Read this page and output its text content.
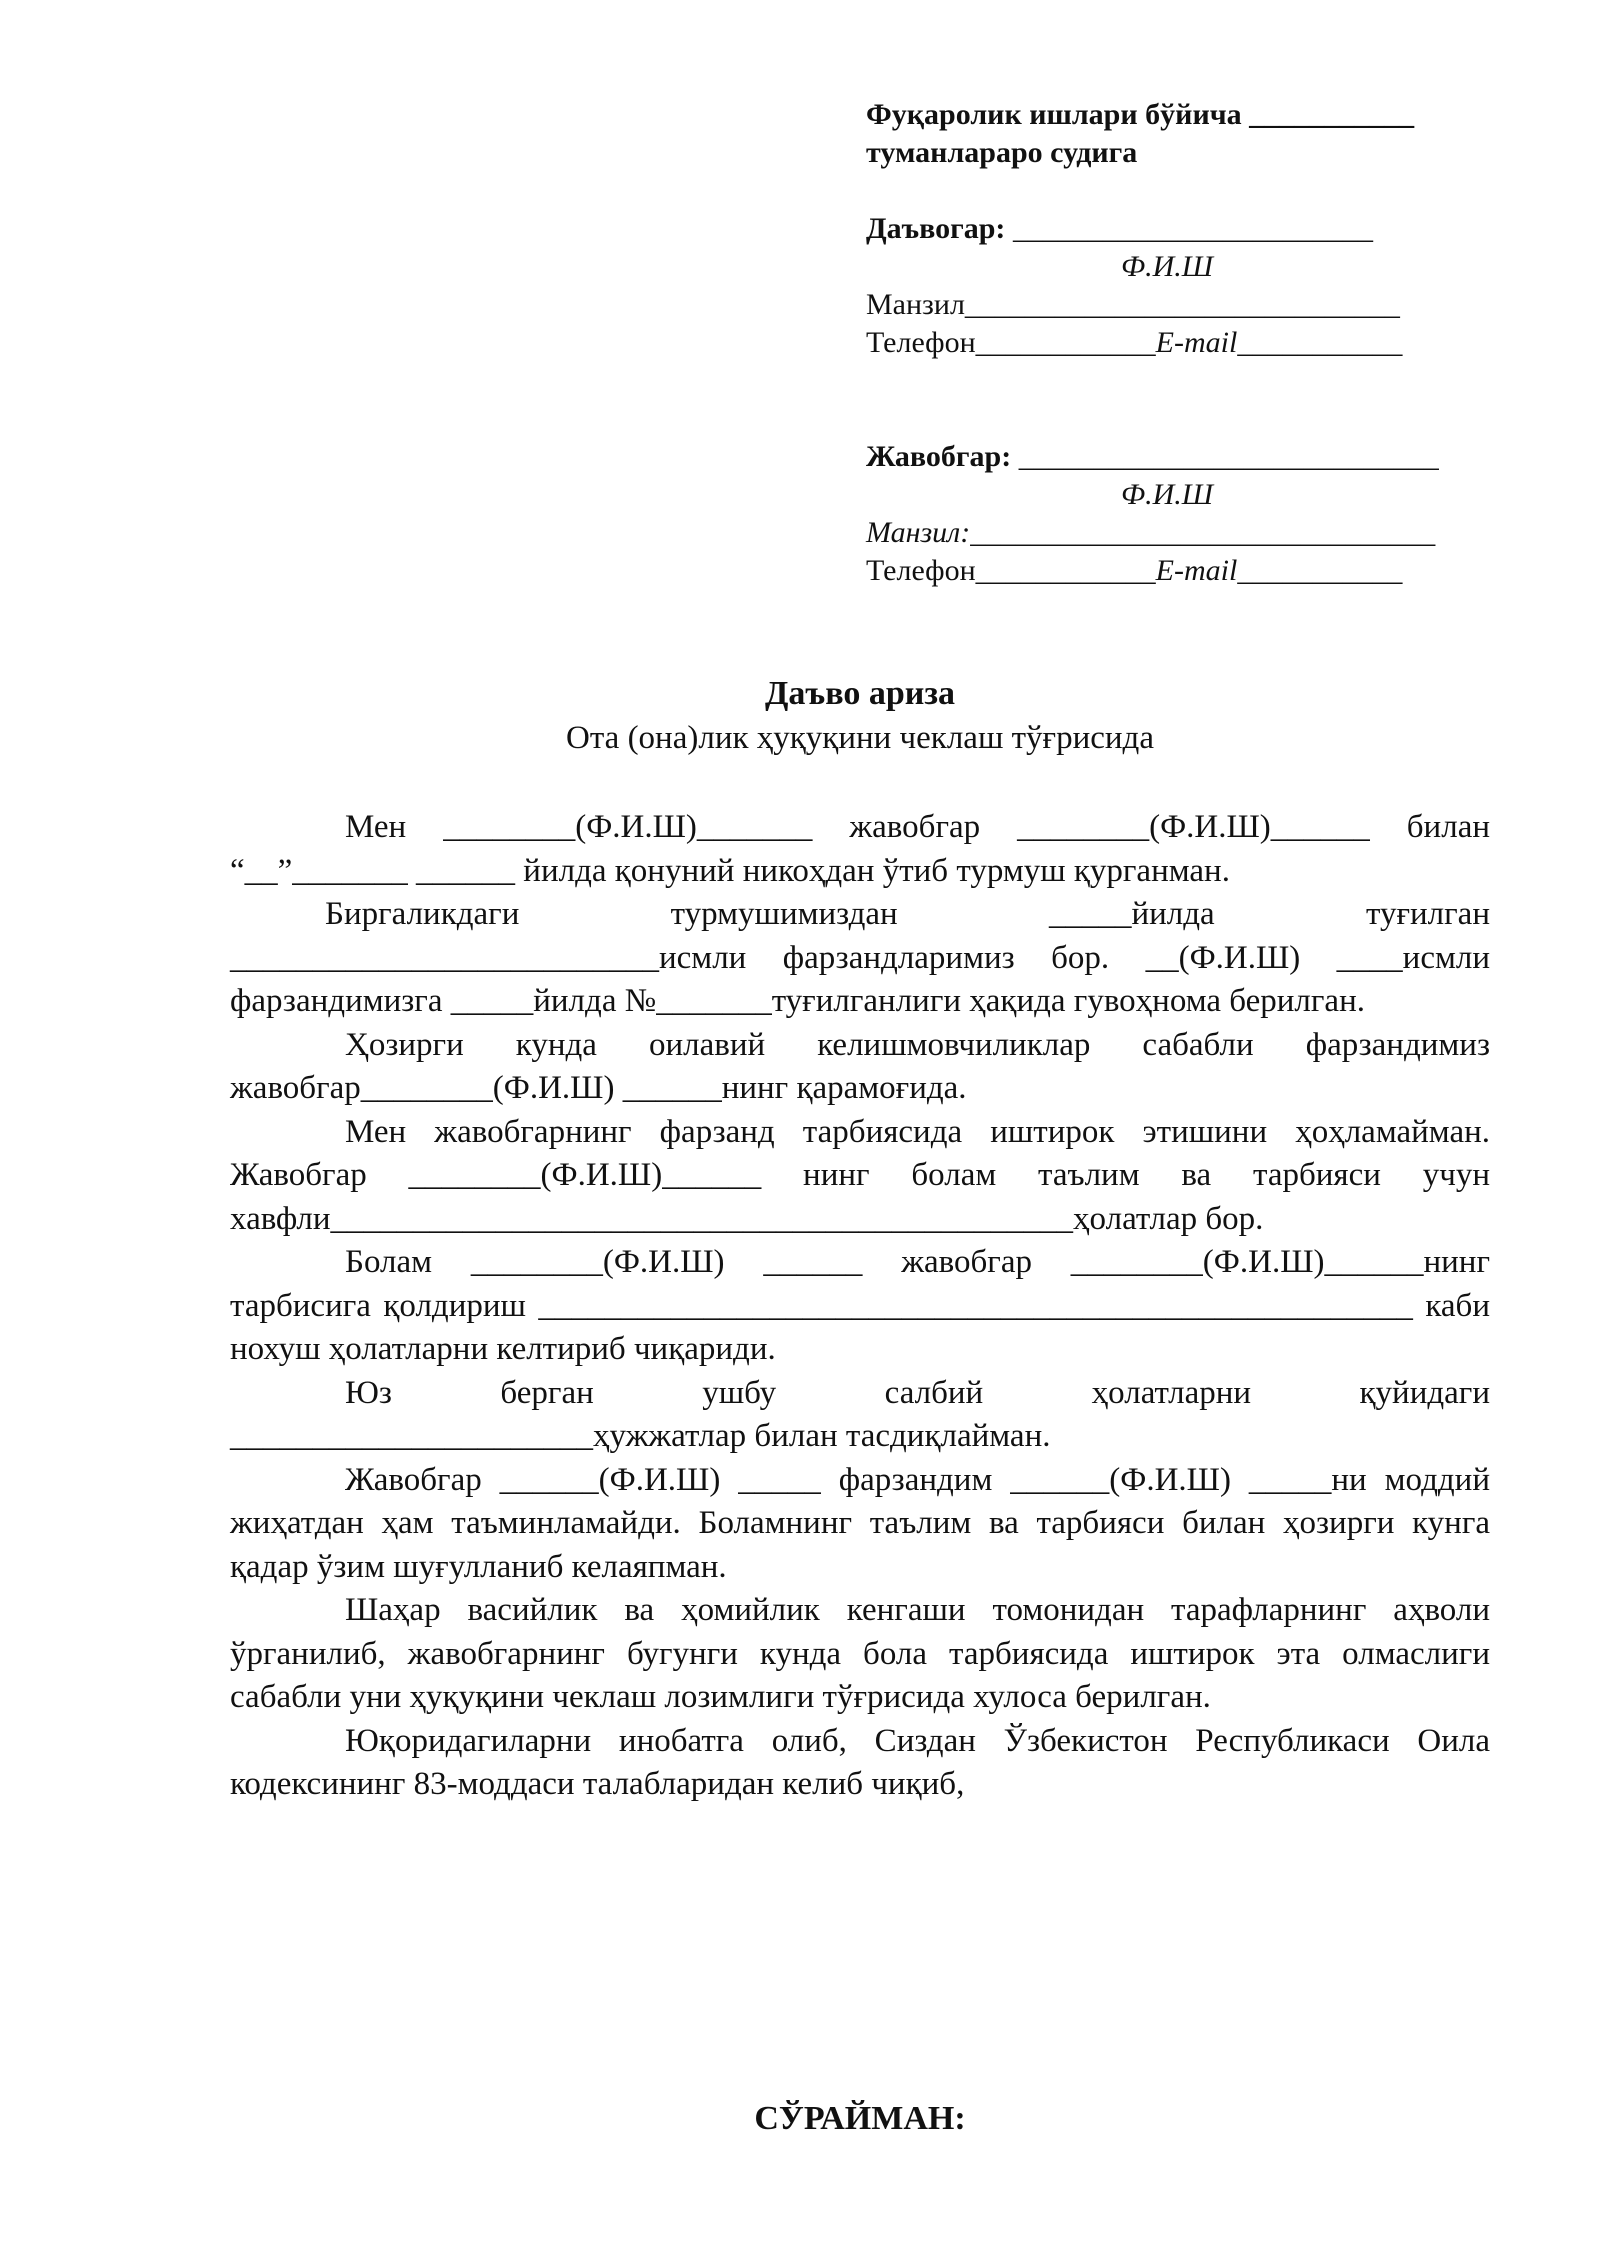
Фуқаролик ишлари бўйича ___________
туманлараро судига
Даъвогар: ________________________
Ф.И.Ш
Манзил_____________________________
Телефон____________E-mail___________
Жавобгар: ____________________________
Ф.И.Ш
Манзил:_______________________________
Телефон____________E-mail___________
Даъво ариза
Ота (она)лик ҳуқуқини чеклаш тўғрисида

Мен ________(Ф.И.Ш)_______ жавобгар ________(Ф.И.Ш)______ билан “__”_______ ______ йилда қонуний никоҳдан ўтиб турмуш қурганман.

Биргаликдаги турмушимиздан _____йилда туғилган __________________________исмли фарзандларимиз бор. __(Ф.И.Ш) ____исмли фарзандимизга _____йилда №_______туғилганлиги ҳақида гувоҳнома берилган.

Ҳозирги кунда оилавий келишмовчиликлар сабабли фарзандимиз жавобгар________(Ф.И.Ш) ______нинг қарамоғида.

Мен жавобгарнинг фарзанд тарбиясида иштирок этишини ҳоҳламайман. Жавобгар ________(Ф.И.Ш)______ нинг болам таълим ва тарбияси учун хавфли_____________________________________________ҳолатлар бор.

Болам ________(Ф.И.Ш) ______ жавобгар ________(Ф.И.Ш)______нинг тарбисига қолдириш _____________________________________________________ каби нохуш ҳолатларни келтириб чиқариди.

Юз берган ушбу салбий ҳолатларни қуйидаги ______________________ҳужжатлар билан тасдиқлайман.

Жавобгар ______(Ф.И.Ш) _____ фарзандим ______(Ф.И.Ш) _____ни моддий жиҳатдан ҳам таъминламайди. Боламнинг таълим ва тарбияси билан ҳозирги кунга қадар ўзим шуғулланиб келаяпман.

Шаҳар васийлик ва ҳомийлик кенгаши томонидан тарафларнинг аҳволи ўрганилиб, жавобгарнинг бугунги кунда бола тарбиясида иштирок эта олмаслиги сабабли уни ҳуқуқини чеклаш лозимлиги тўғрисида хулоса берилган.

Юқоридагиларни инобатга олиб, Сиздан Ўзбекистон Республикаси Оила кодексининг 83-моддаси талабларидан келиб чиқиб,

СЎРАЙМАН:
